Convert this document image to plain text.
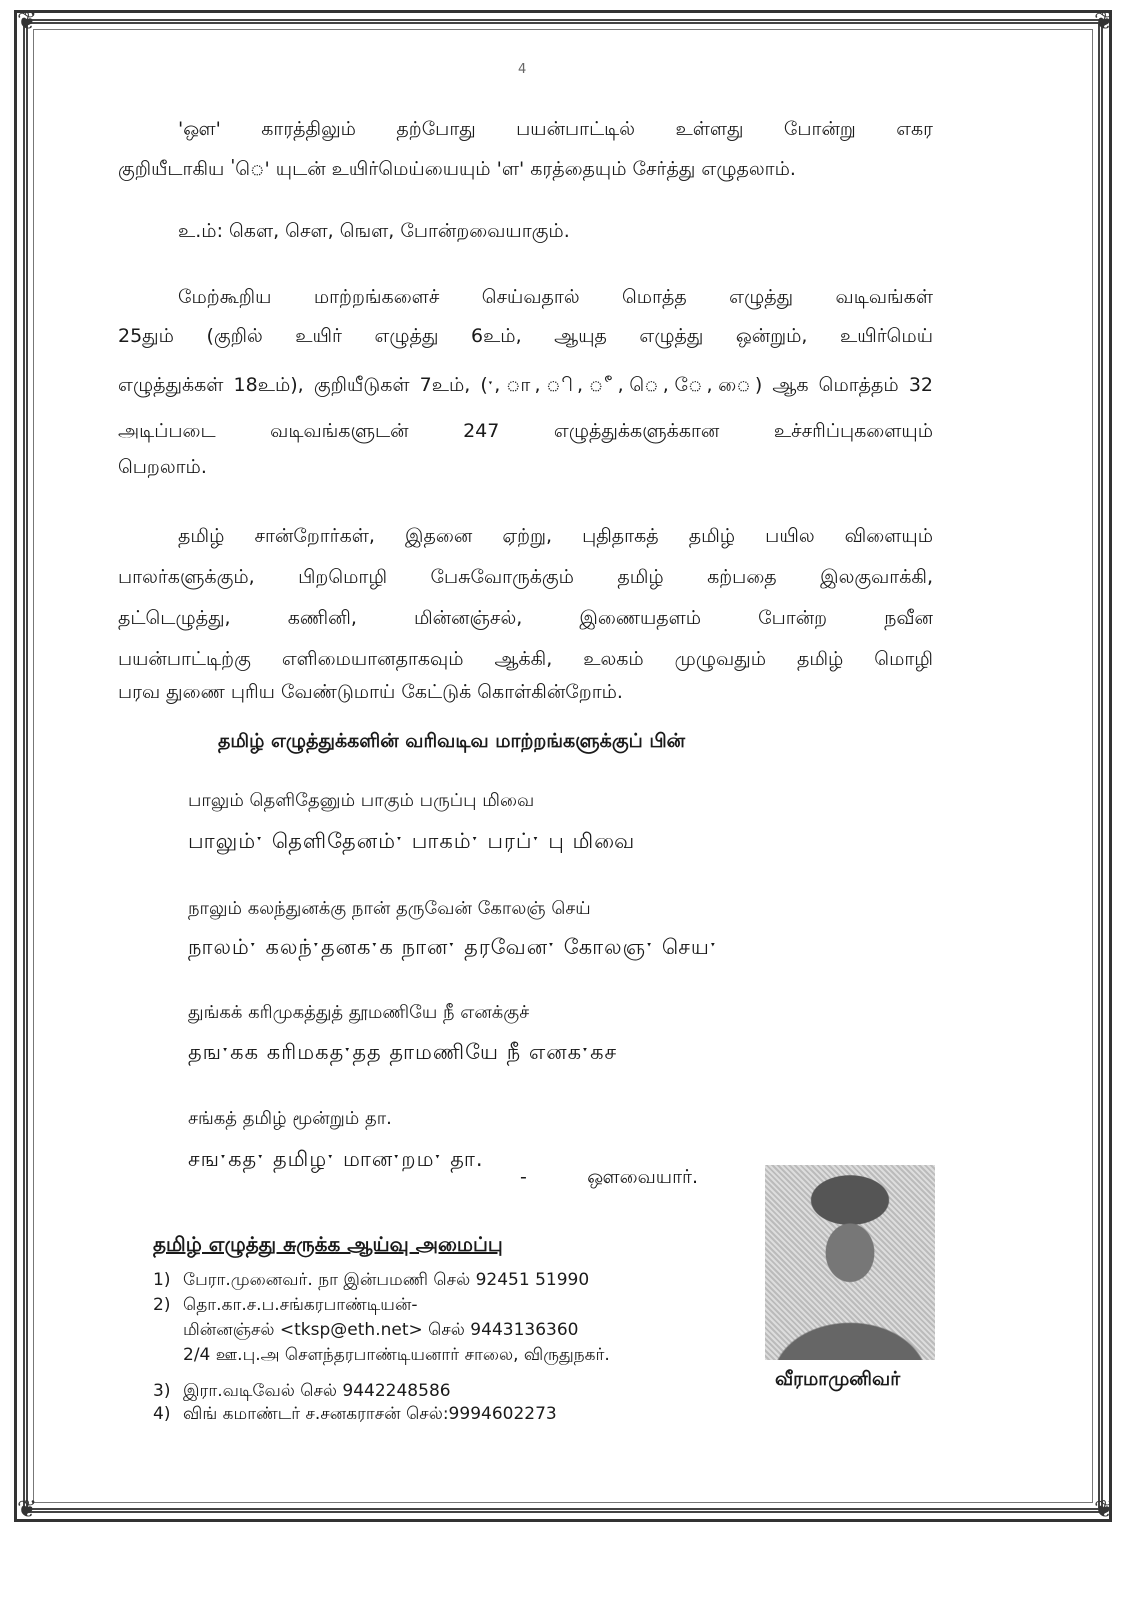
❦	❦
❦	❦
4
'ஔ' காரத்திலும் தற்போது பயன்பாட்டில் உள்ளது போன்று எகர
குறியீடாகிய 'ெ' யுடன் உயிர்மெய்யையும் 'ள' கரத்தையும் சேர்த்து எழுதலாம்.
உ.ம்: கௌ, சௌ, ஙௌ, போன்றவையாகும்.
மேற்கூறிய மாற்றங்களைச் செய்வதால் மொத்த எழுத்து வடிவங்கள்
25தும் (குறில் உயிர் எழுத்து 6உம், ஆயுத எழுத்து ஒன்றும், உயிர்மெய்
எழுத்துக்கள் 18உம்), குறியீடுகள் 7உம், (ˑ, ா, ி, ீ, ெ, ே, ை) ஆக மொத்தம் 32
அடிப்படை வடிவங்களுடன் 247 எழுத்துக்களுக்கான உச்சரிப்புகளையும்
பெறலாம்.
தமிழ் சான்றோர்கள், இதனை ஏற்று, புதிதாகத் தமிழ் பயில விளையும்
பாலர்களுக்கும், பிறமொழி பேசுவோருக்கும் தமிழ் கற்பதை இலகுவாக்கி,
தட்டெழுத்து, கணினி, மின்னஞ்சல், இணையதளம் போன்ற நவீன
பயன்பாட்டிற்கு எளிமையானதாகவும் ஆக்கி, உலகம் முழுவதும் தமிழ் மொழி
பரவ துணை புரிய வேண்டுமாய் கேட்டுக் கொள்கின்றோம்.
தமிழ் எழுத்துக்களின் வரிவடிவ மாற்றங்களுக்குப் பின்
பாலும் தெளிதேனும் பாகும் பருப்பு மிவை
பாலும்ˑ தெளிதேனம்ˑ பாகம்ˑ பரப்ˑ பு மிவை
நாலும் கலந்துனக்கு நான் தருவேன் கோலஞ் செய்
நாலம்ˑ கலந்ˑதனகˑக நானˑ தரவேனˑ கோலஞˑ செயˑ
துங்கக் கரிமுகத்துத் தூமணியே நீ எனக்குச்
தஙˑகக கரிமகதˑதத தாமணியே நீ எனகˑகச
சங்கத் தமிழ் மூன்றும் தா.
சஙˑகதˑ தமிழˑ மானˑறமˑ தா.
-          ஔவையார்.
தமிழ் எழுத்து சுருக்க ஆய்வு அமைப்பு
1) பேரா.முனைவர். நா இன்பமணி செல் 92451 51990
2) தொ.கா.ச.ப.சங்கரபாண்டியன்-
மின்னஞ்சல் <tksp@eth.net> செல் 9443136360
2/4 ஊ.பு.அ சௌந்தரபாண்டியனார் சாலை, விருதுநகர்.
3) இரா.வடிவேல் செல் 9442248586
4) விங் கமாண்டர் ச.சனகராசன் செல்:9994602273
வீரமாமுனிவர்
